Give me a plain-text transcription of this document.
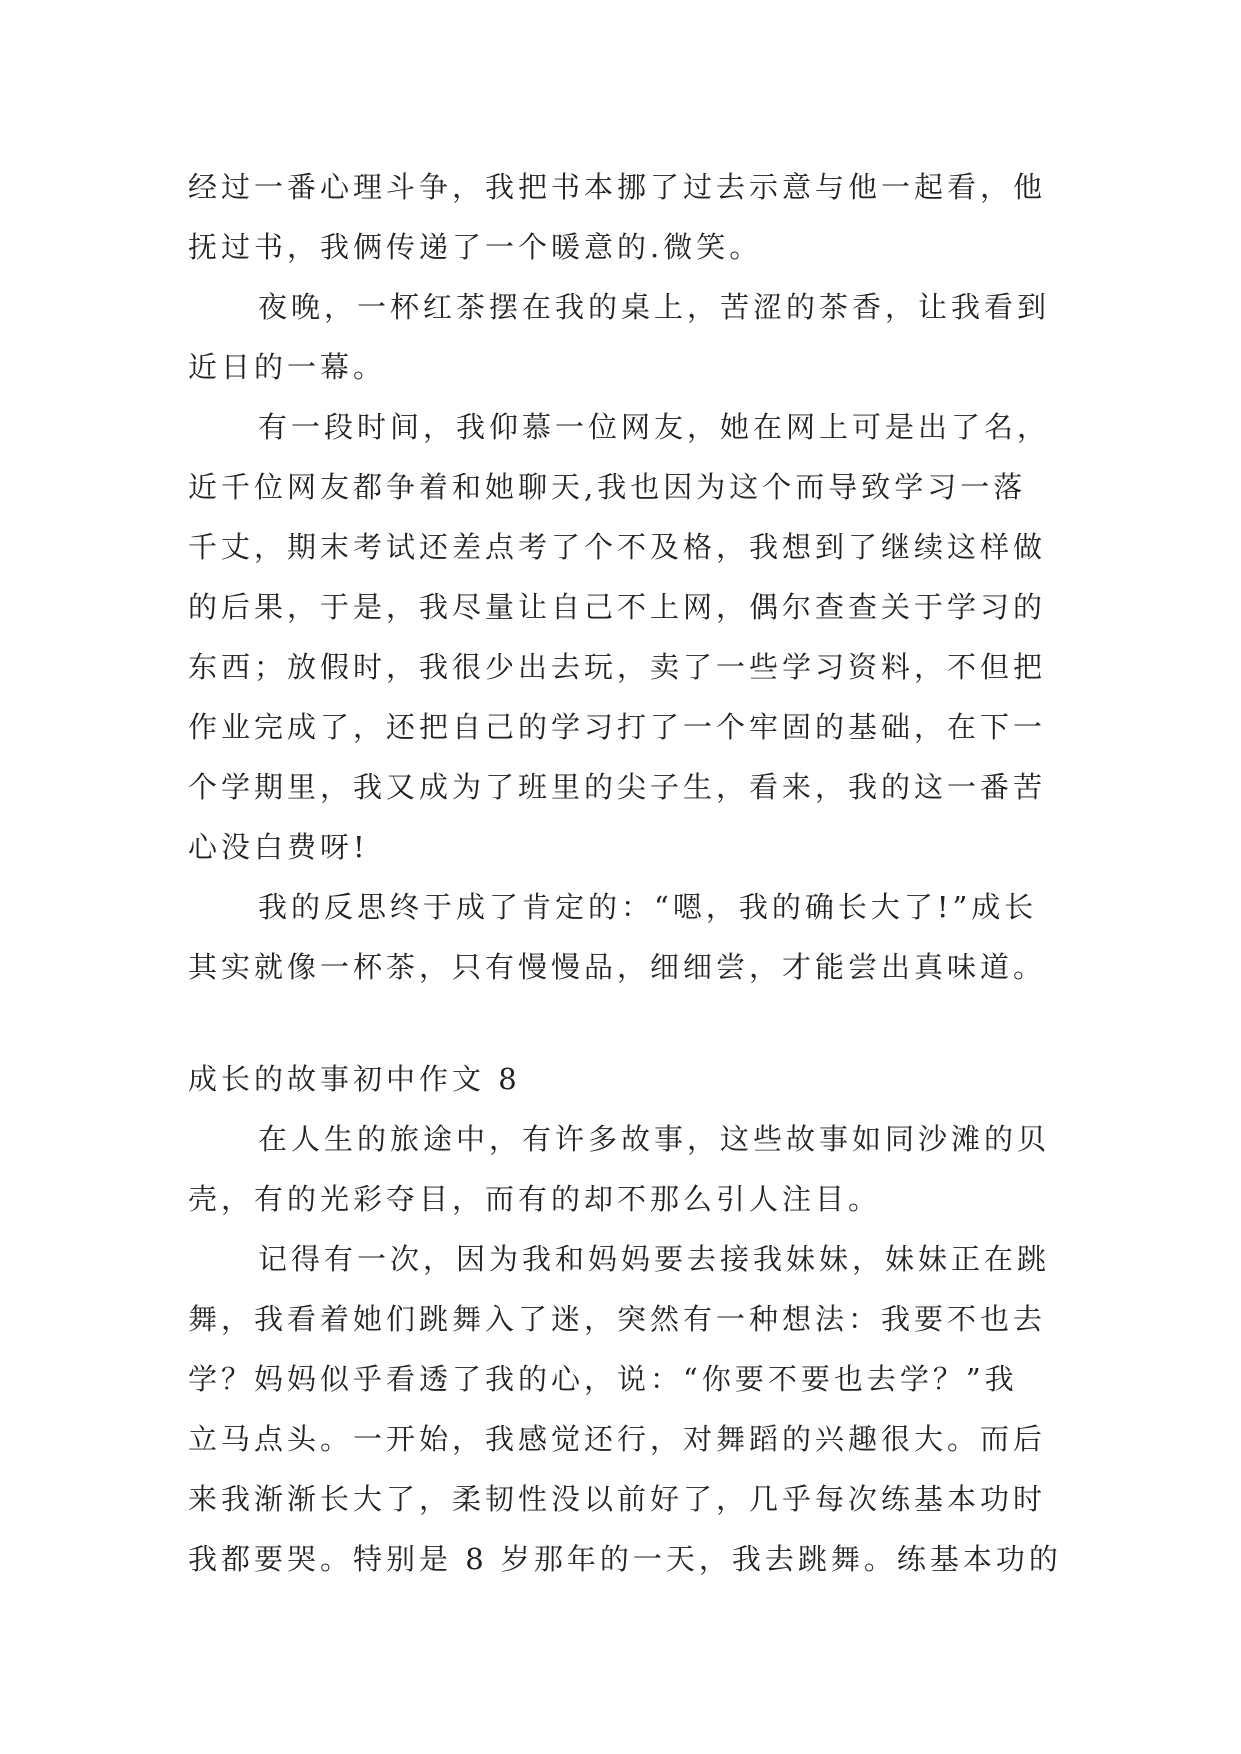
经过一番心理斗争，我把书本挪了过去示意与他一起看，他
抚过书，我俩传递了一个暖意的.微笑。
夜晚，一杯红茶摆在我的桌上，苦涩的茶香，让我看到
近日的一幕。
有一段时间，我仰慕一位网友，她在网上可是出了名，
近千位网友都争着和她聊天,我也因为这个而导致学习一落
千丈，期末考试还差点考了个不及格，我想到了继续这样做
的后果，于是，我尽量让自己不上网，偶尔查查关于学习的
东西；放假时，我很少出去玩，卖了一些学习资料，不但把
作业完成了，还把自己的学习打了一个牢固的基础，在下一
个学期里，我又成为了班里的尖子生，看来，我的这一番苦
心没白费呀!
我的反思终于成了肯定的：“嗯，我的确长大了!”成长
其实就像一杯茶，只有慢慢品，细细尝，才能尝出真味道。
成长的故事初中作文 8
在人生的旅途中，有许多故事，这些故事如同沙滩的贝
壳，有的光彩夺目，而有的却不那么引人注目。
记得有一次，因为我和妈妈要去接我妹妹，妹妹正在跳
舞，我看着她们跳舞入了迷，突然有一种想法：我要不也去
学？妈妈似乎看透了我的心，说：“你要不要也去学？”我
立马点头。一开始，我感觉还行，对舞蹈的兴趣很大。而后
来我渐渐长大了，柔韧性没以前好了，几乎每次练基本功时
我都要哭。特别是 8 岁那年的一天，我去跳舞。练基本功的
